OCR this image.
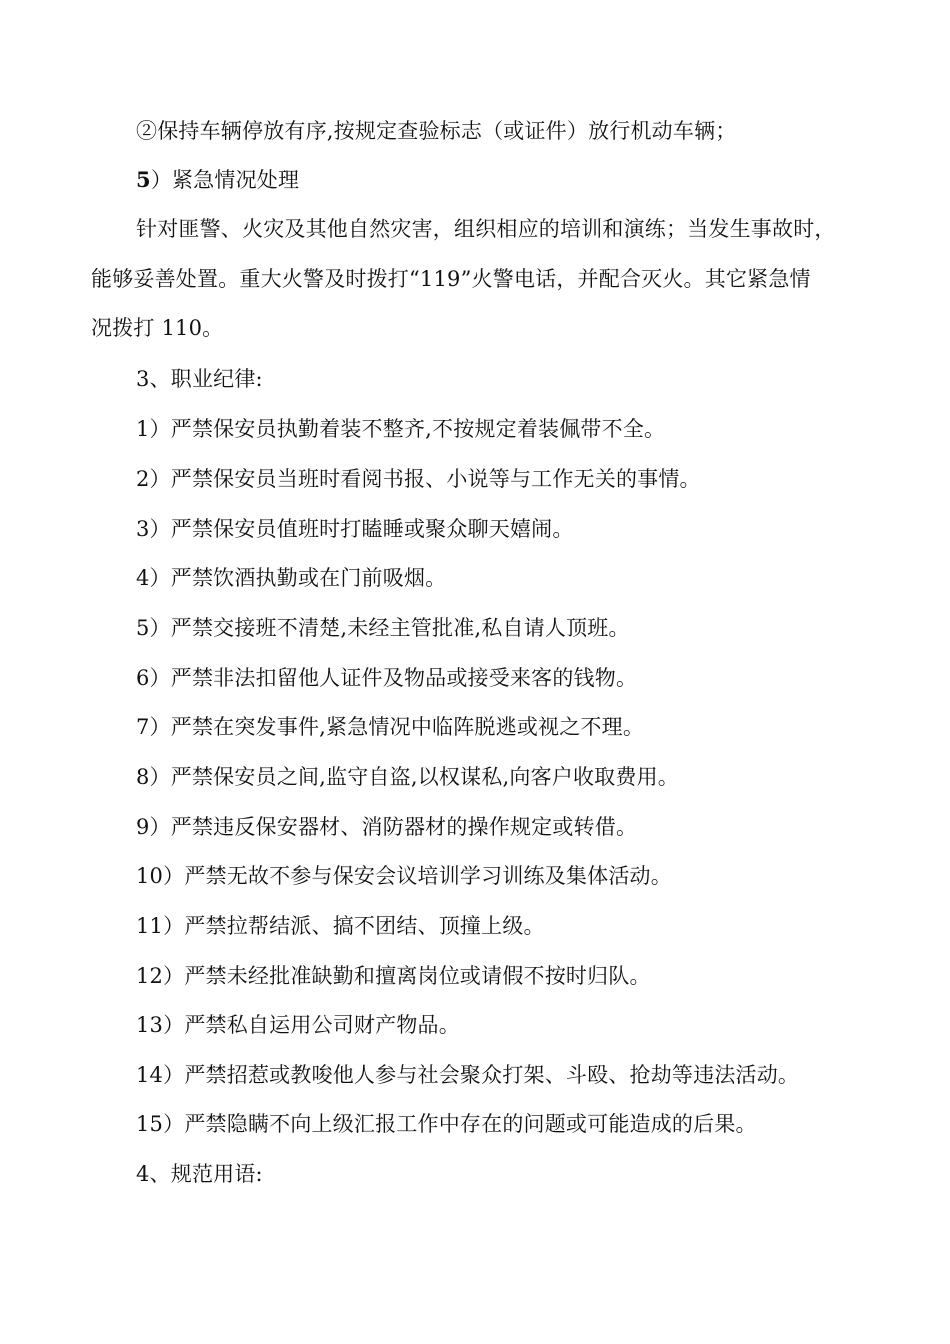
②保持车辆停放有序,按规定查验标志（或证件）放行机动车辆；
5）紧急情况处理
针对匪警、火灾及其他自然灾害，组织相应的培训和演练；当发生事故时，
能够妥善处置。重大火警及时拨打“119”火警电话，并配合灭火。其它紧急情
况拨打 110。
3、职业纪律:
1）严禁保安员执勤着装不整齐,不按规定着装佩带不全。
2）严禁保安员当班时看阅书报、小说等与工作无关的事情。
3）严禁保安员值班时打瞌睡或聚众聊天嬉闹。
4）严禁饮酒执勤或在门前吸烟。
5）严禁交接班不清楚,未经主管批准,私自请人顶班。
6）严禁非法扣留他人证件及物品或接受来客的钱物。
7）严禁在突发事件,紧急情况中临阵脱逃或视之不理。
8）严禁保安员之间,监守自盗,以权谋私,向客户收取费用。
9）严禁违反保安器材、消防器材的操作规定或转借。
10）严禁无故不参与保安会议培训学习训练及集体活动。
11）严禁拉帮结派、搞不团结、顶撞上级。
12）严禁未经批准缺勤和擅离岗位或请假不按时归队。
13）严禁私自运用公司财产物品。
14）严禁招惹或教唆他人参与社会聚众打架、斗殴、抢劫等违法活动。
15）严禁隐瞒不向上级汇报工作中存在的问题或可能造成的后果。
4、规范用语:
